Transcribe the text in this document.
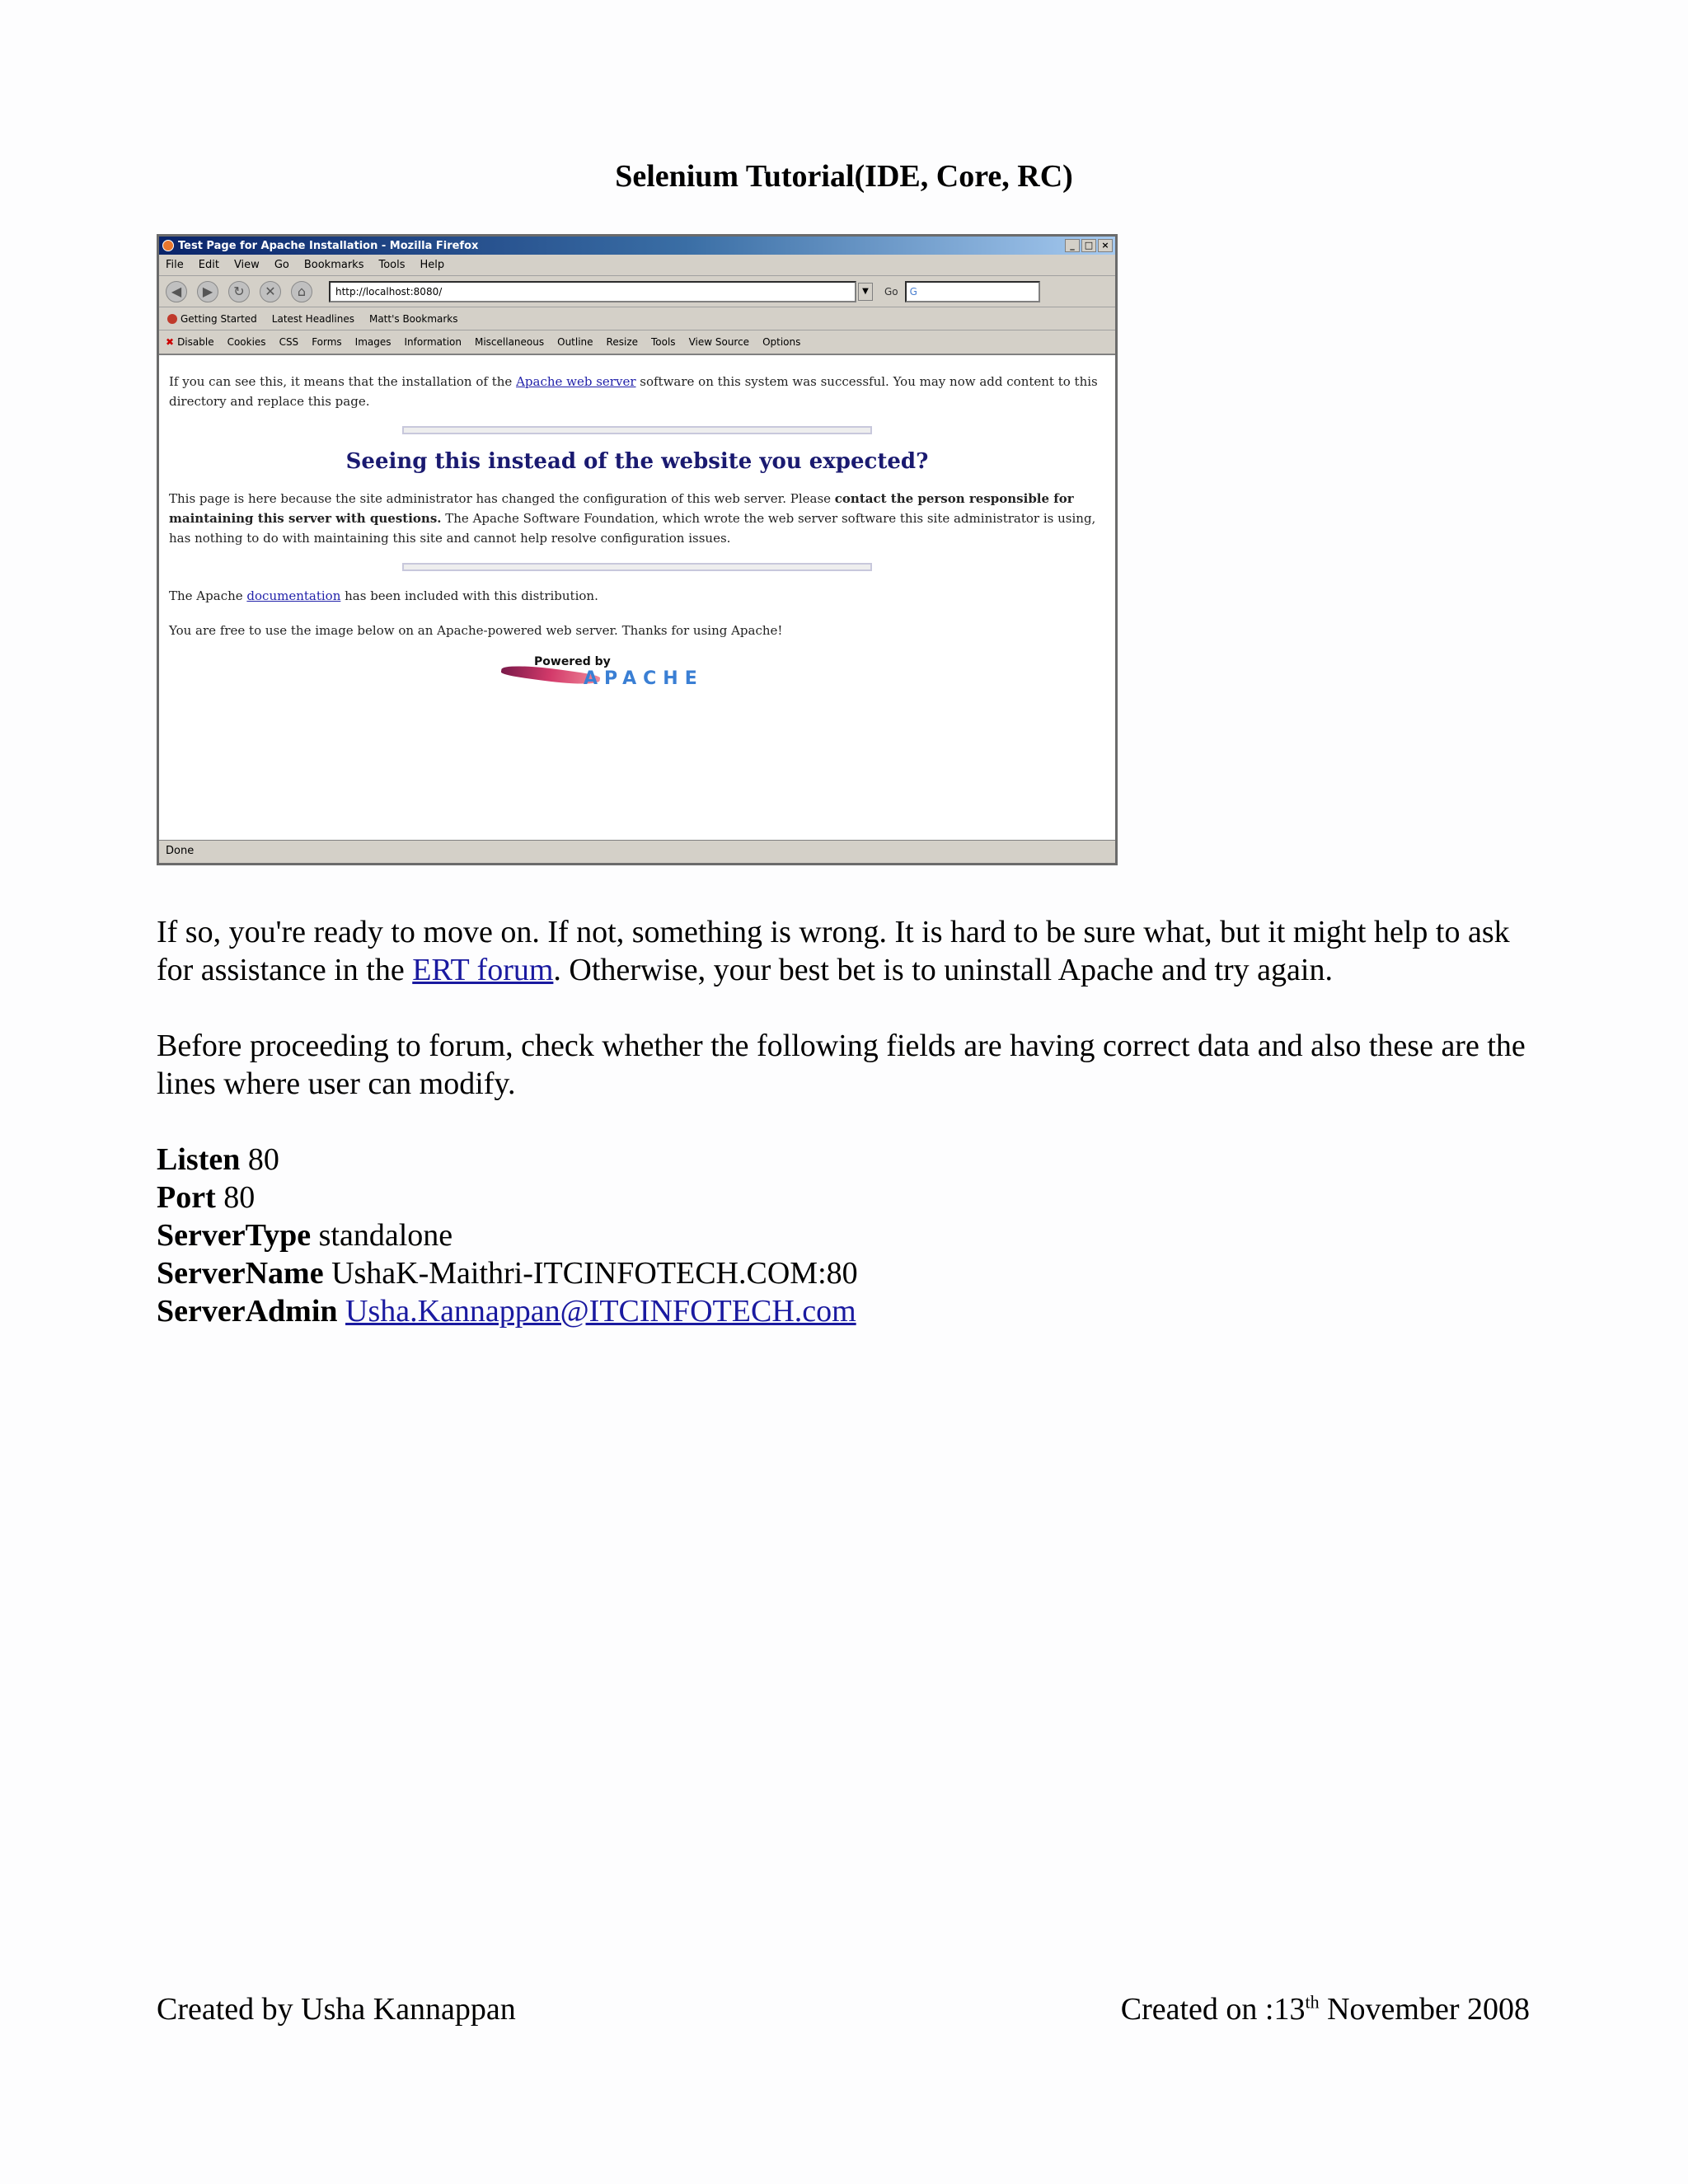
Selenium Tutorial(IDE, Core, RC)
Test Page for Apache Installation - Mozilla Firefox	_	□ ×
File Edit View Go Bookmarks Tools Help
◀	▶	↻	✕	⌂	http://localhost:8080/	▼	Go	G
Getting Started Latest Headlines Matt's Bookmarks
✖ Disable Cookies CSS Forms Images Information Miscellaneous Outline Resize Tools View Source Options

If you can see this, it means that the installation of the Apache web server software on this system was successful. You may now add content to this directory and replace this page.

Seeing this instead of the website you expected?

This page is here because the site administrator has changed the configuration of this web server. Please contact the person responsible for maintaining this server with questions. The Apache Software Foundation, which wrote the web server software this site administrator is using, has nothing to do with maintaining this site and cannot help resolve configuration issues.

The Apache documentation has been included with this distribution.

You are free to use the image below on an Apache-powered web server. Thanks for using Apache!

Powered by
APACHE
Done

If so, you're ready to move on. If not, something is wrong. It is hard to be sure what, but it might help to ask for assistance in the ERT forum. Otherwise, your best bet is to uninstall Apache and try again.

Before proceeding to forum, check whether the following fields are having correct data and also these are the lines where user can modify.

Listen 80
Port 80
ServerType standalone
ServerName UshaK-Maithri-ITCINFOTECH.COM:80
ServerAdmin Usha.Kannappan@ITCINFOTECH.com
Created by Usha Kannappan	Created on :13th November 2008
